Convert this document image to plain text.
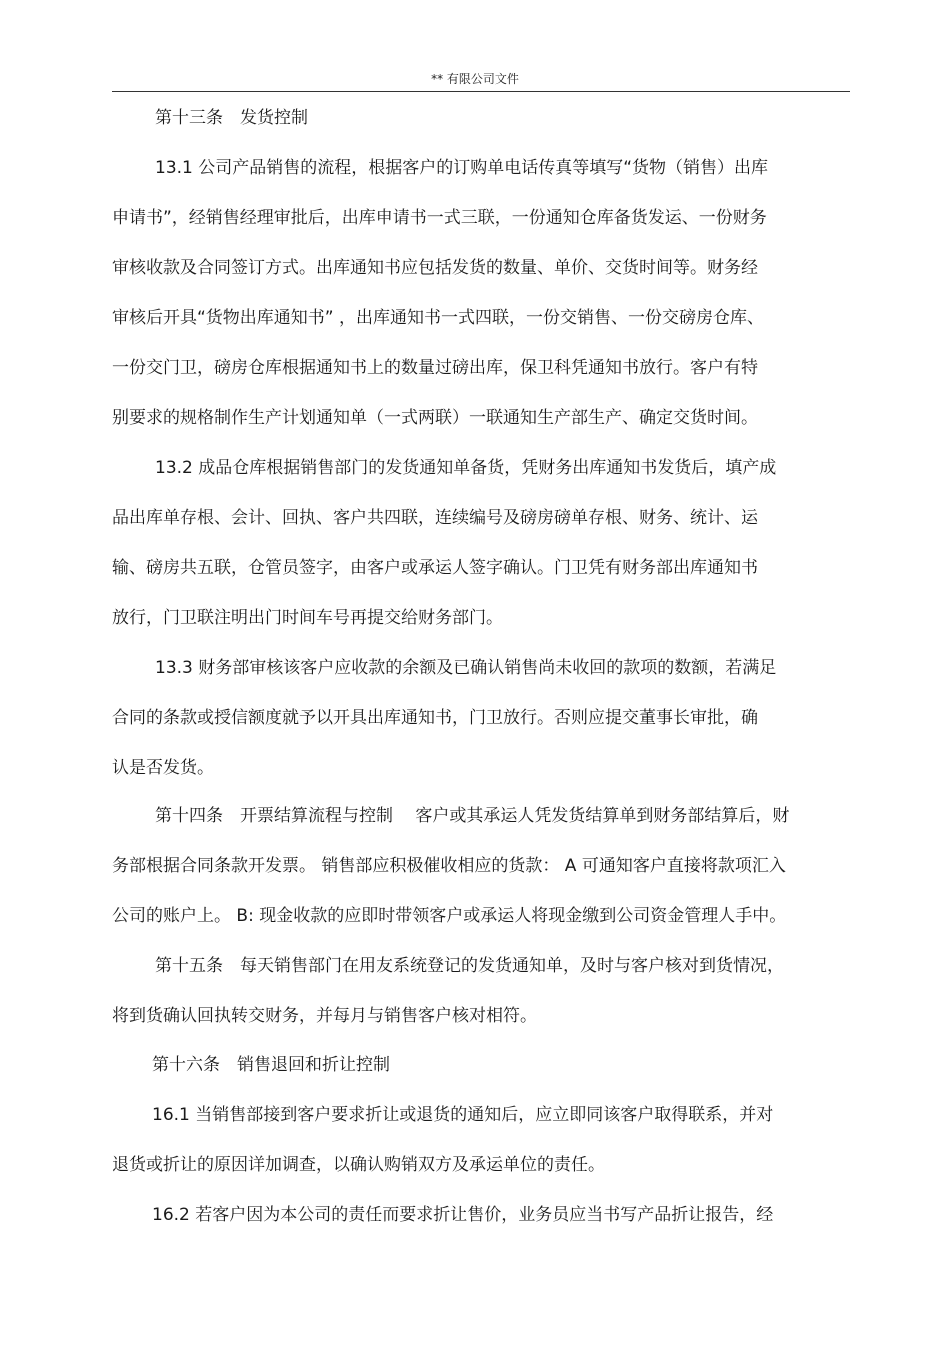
** 有限公司文件
第十三条　发货控制
13.1 公司产品销售的流程，根据客户的订购单电话传真等填写“货物（销售）出库
申请书”，经销售经理审批后，出库申请书一式三联，一份通知仓库备货发运、一份财务
审核收款及合同签订方式。出库通知书应包括发货的数量、单价、交货时间等。财务经
审核后开具“货物出库通知书” ，出库通知书一式四联，一份交销售、一份交磅房仓库、
一份交门卫，磅房仓库根据通知书上的数量过磅出库，保卫科凭通知书放行。客户有特
别要求的规格制作生产计划通知单（一式两联）一联通知生产部生产、确定交货时间。
13.2 成品仓库根据销售部门的发货通知单备货，凭财务出库通知书发货后，填产成
品出库单存根、会计、回执、客户共四联，连续编号及磅房磅单存根、财务、统计、运
输、磅房共五联，仓管员签字，由客户或承运人签字确认。门卫凭有财务部出库通知书
放行，门卫联注明出门时间车号再提交给财务部门。
13.3 财务部审核该客户应收款的余额及已确认销售尚未收回的款项的数额，若满足
合同的条款或授信额度就予以开具出库通知书，门卫放行。否则应提交董事长审批，确
认是否发货。
第十四条　开票结算流程与控制　 客户或其承运人凭发货结算单到财务部结算后，财
务部根据合同条款开发票。 销售部应积极催收相应的货款： A 可通知客户直接将款项汇入
公司的账户上。 B: 现金收款的应即时带领客户或承运人将现金缴到公司资金管理人手中。
第十五条　每天销售部门在用友系统登记的发货通知单，及时与客户核对到货情况，
将到货确认回执转交财务，并每月与销售客户核对相符。
第十六条　销售退回和折让控制
16.1 当销售部接到客户要求折让或退货的通知后，应立即同该客户取得联系，并对
退货或折让的原因详加调查，以确认购销双方及承运单位的责任。
16.2 若客户因为本公司的责任而要求折让售价，业务员应当书写产品折让报告，经
